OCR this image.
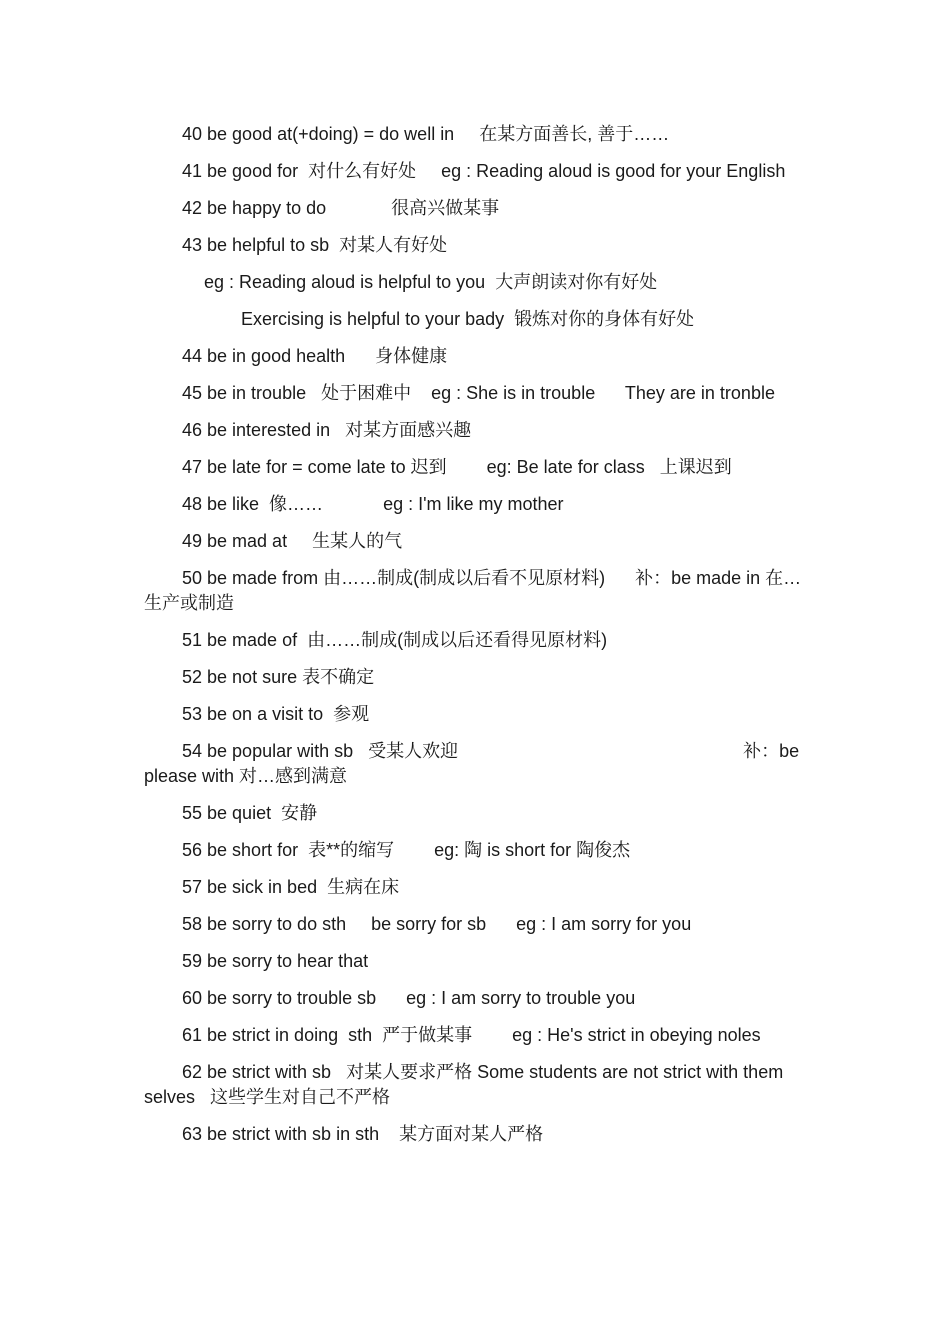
40 be good at(+doing) = do well in     在某方面善长, 善于……

41 be good for  对什么有好处     eg : Reading aloud is good for your English

42 be happy to do             很高兴做某事

43 be helpful to sb  对某人有好处

eg : Reading aloud is helpful to you  大声朗读对你有好处

Exercising is helpful to your bady  锻炼对你的身体有好处

44 be in good health      身体健康

45 be in trouble   处于困难中    eg : She is in trouble      They are in tronble

46 be interested in   对某方面感兴趣

47 be late for = come late to 迟到        eg: Be late for class   上课迟到

48 be like  像……            eg : I'm like my mother

49 be mad at     生某人的气

50 be made from 由……制成(制成以后看不见原材料)      补：be made in 在…生产或制造

51 be made of  由……制成(制成以后还看得见原材料)

52 be not sure 表不确定

53 be on a visit to  参观

54 be popular with sb   受某人欢迎                                                         补：be please with 对…感到满意

55 be quiet  安静

56 be short for  表**的缩写        eg: 陶 is short for 陶俊杰

57 be sick in bed  生病在床

58 be sorry to do sth     be sorry for sb      eg : I am sorry for you

59 be sorry to hear that

60 be sorry to trouble sb      eg : I am sorry to trouble you

61 be strict in doing  sth  严于做某事        eg : He's strict in obeying noles

62 be strict with sb   对某人要求严格 Some students are not strict with them selves   这些学生对自己不严格

63 be strict with sb in sth    某方面对某人严格
